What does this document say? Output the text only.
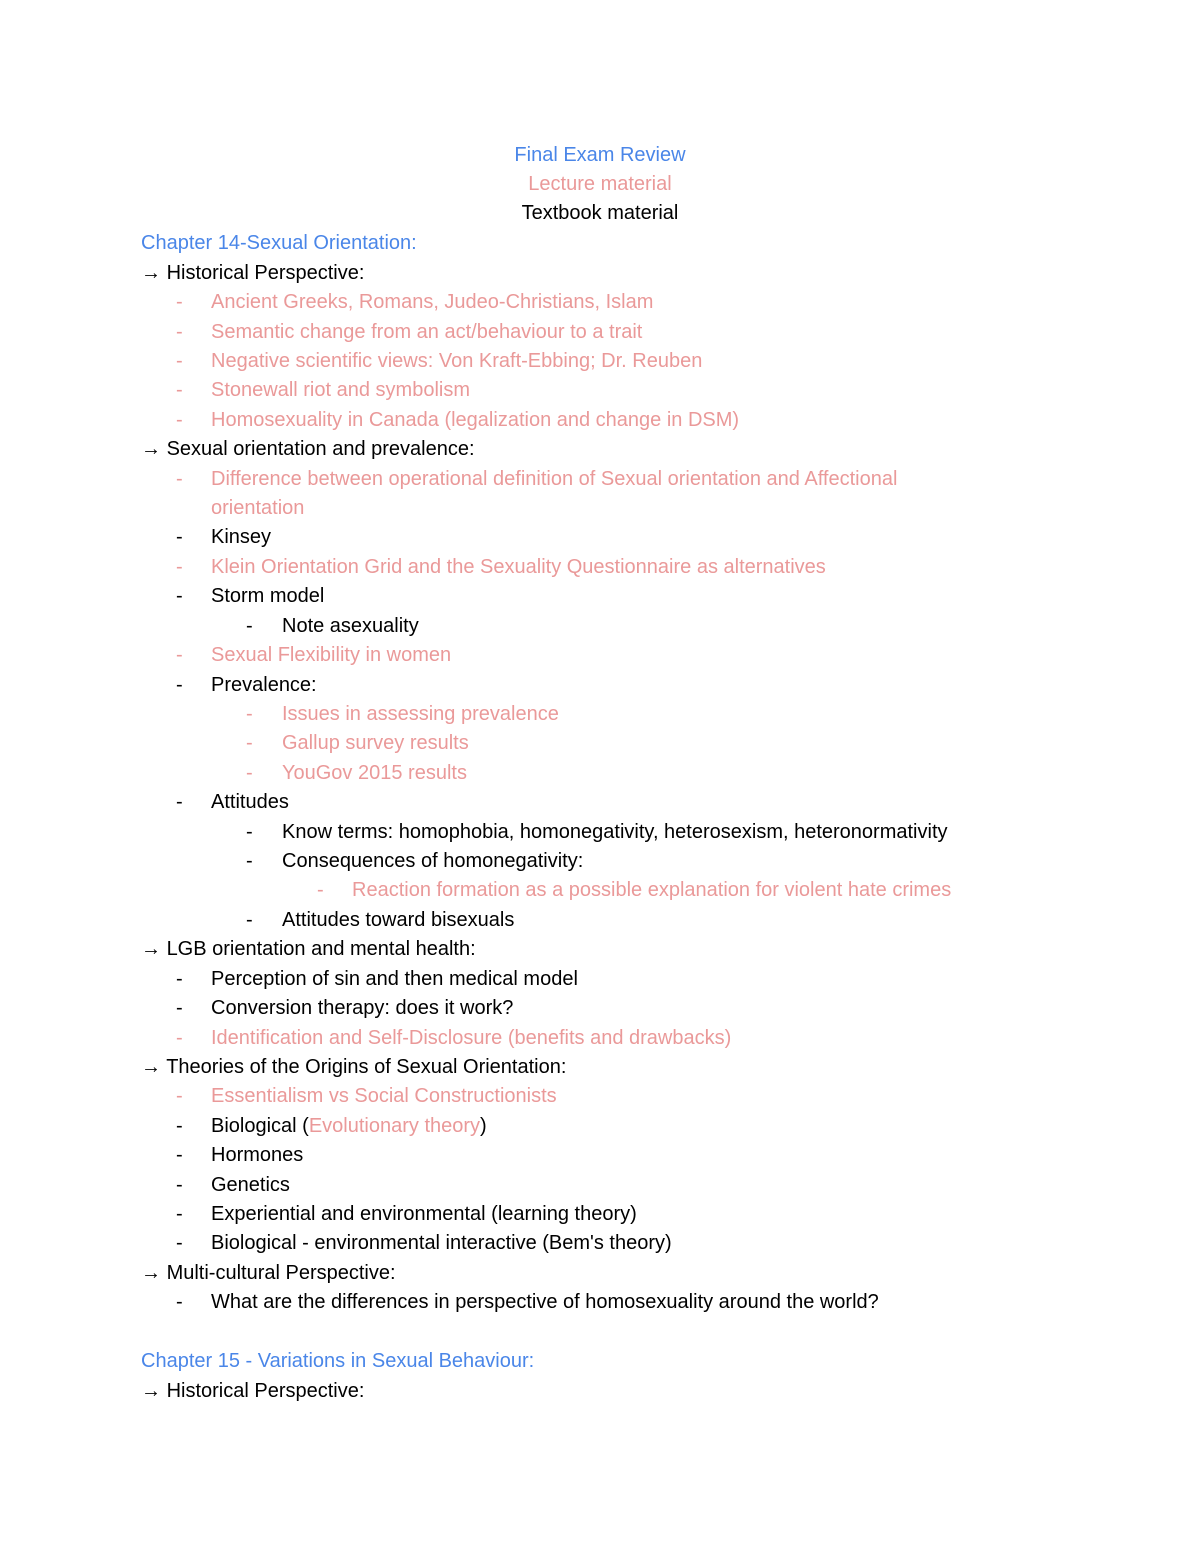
Final Exam Review
Lecture material
Textbook material
Chapter 14-Sexual Orientation:
→ Historical Perspective:
- Ancient Greeks, Romans, Judeo-Christians, Islam
- Semantic change from an act/behaviour to a trait
- Negative scientific views: Von Kraft-Ebbing; Dr. Reuben
- Stonewall riot and symbolism
- Homosexuality in Canada (legalization and change in DSM)
→ Sexual orientation and prevalence:
- Difference between operational definition of Sexual orientation and Affectional
orientation
- Kinsey
- Klein Orientation Grid and the Sexuality Questionnaire as alternatives
- Storm model
- Note asexuality
- Sexual Flexibility in women
- Prevalence:
- Issues in assessing prevalence
- Gallup survey results
- YouGov 2015 results
- Attitudes
- Know terms: homophobia, homonegativity, heterosexism, heteronormativity
- Consequences of homonegativity:
- Reaction formation as a possible explanation for violent hate crimes
- Attitudes toward bisexuals
→ LGB orientation and mental health:
- Perception of sin and then medical model
- Conversion therapy: does it work?
- Identification and Self-Disclosure (benefits and drawbacks)
→ Theories of the Origins of Sexual Orientation:
- Essentialism vs Social Constructionists
- Biological (Evolutionary theory)
- Hormones
- Genetics
- Experiential and environmental (learning theory)
- Biological - environmental interactive (Bem's theory)
→ Multi-cultural Perspective:
- What are the differences in perspective of homosexuality around the world?
Chapter 15 - Variations in Sexual Behaviour:
→ Historical Perspective:
